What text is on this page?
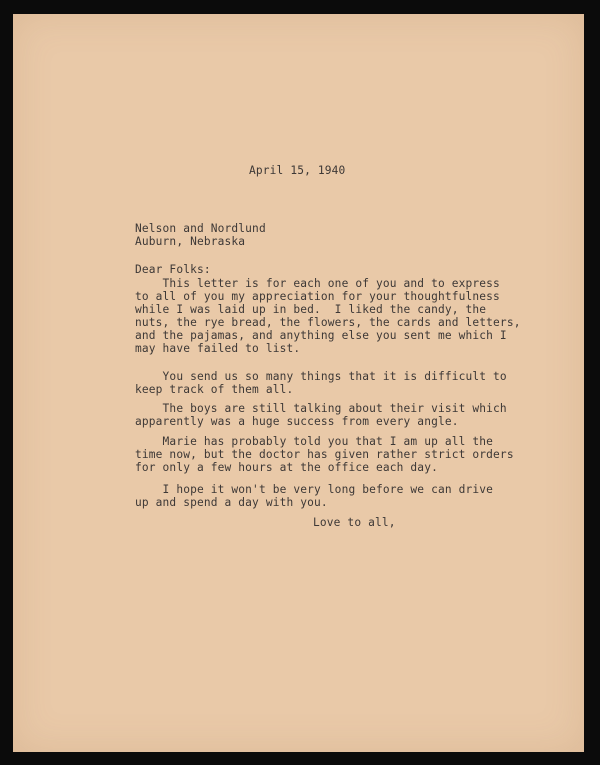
April 15, 1940
Nelson and Nordlund
Auburn, Nebraska
Dear Folks:
This letter is for each one of you and to express
to all of you my appreciation for your thoughtfulness
while I was laid up in bed.  I liked the candy, the
nuts, the rye bread, the flowers, the cards and letters,
and the pajamas, and anything else you sent me which I
may have failed to list.
You send us so many things that it is difficult to
keep track of them all.
The boys are still talking about their visit which
apparently was a huge success from every angle.
Marie has probably told you that I am up all the
time now, but the doctor has given rather strict orders
for only a few hours at the office each day.
I hope it won't be very long before we can drive
up and spend a day with you.
Love to all,
